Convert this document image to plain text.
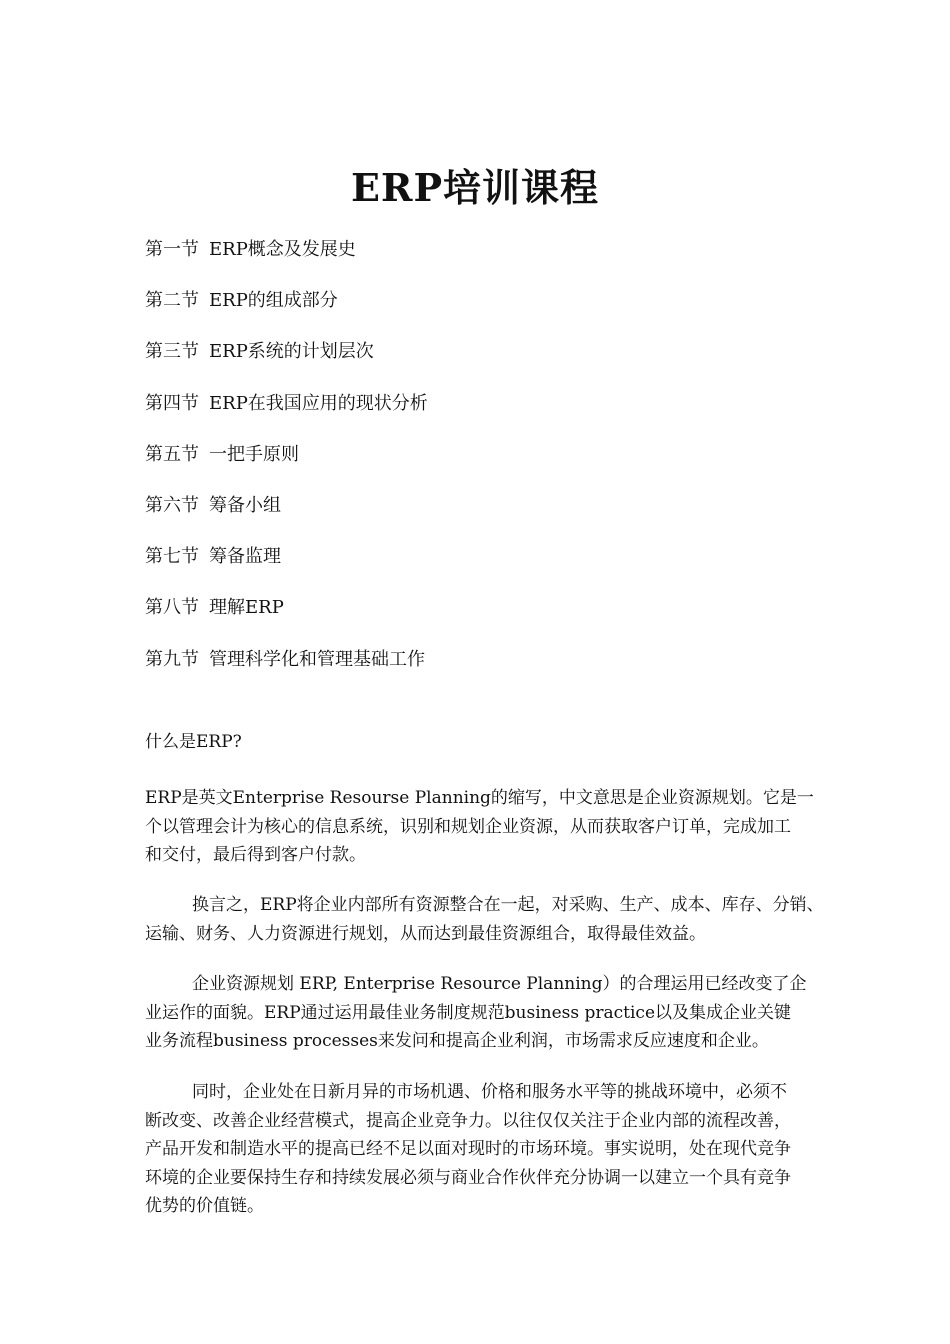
ERP培训课程
第一节 ERP概念及发展史
第二节 ERP的组成部分
第三节 ERP系统的计划层次
第四节 ERP在我国应用的现状分析
第五节 一把手原则
第六节 筹备小组
第七节 筹备监理
第八节 理解ERP
第九节 管理科学化和管理基础工作

什么是ERP?

ERP是英文Enterprise Resourse Planning的缩写，中文意思是企业资源规划。它是一
个以管理会计为核心的信息系统，识别和规划企业资源，从而获取客户订单，完成加工
和交付，最后得到客户付款。

换言之，ERP将企业内部所有资源整合在一起，对采购、生产、成本、库存、分销、
运输、财务、人力资源进行规划，从而达到最佳资源组合，取得最佳效益。

企业资源规划 ERP, Enterprise Resource Planning）的合理运用已经改变了企
业运作的面貌。ERP通过运用最佳业务制度规范business practice以及集成企业关键
业务流程business processes来发问和提高企业利润，市场需求反应速度和企业。

同时，企业处在日新月异的市场机遇、价格和服务水平等的挑战环境中，必须不
断改变、改善企业经营模式，提高企业竞争力。以往仅仅关注于企业内部的流程改善，
产品开发和制造水平的提高已经不足以面对现时的市场环境。事实说明，处在现代竞争
环境的企业要保持生存和持续发展必须与商业合作伙伴充分协调一以建立一个具有竞争
优势的价值链。
